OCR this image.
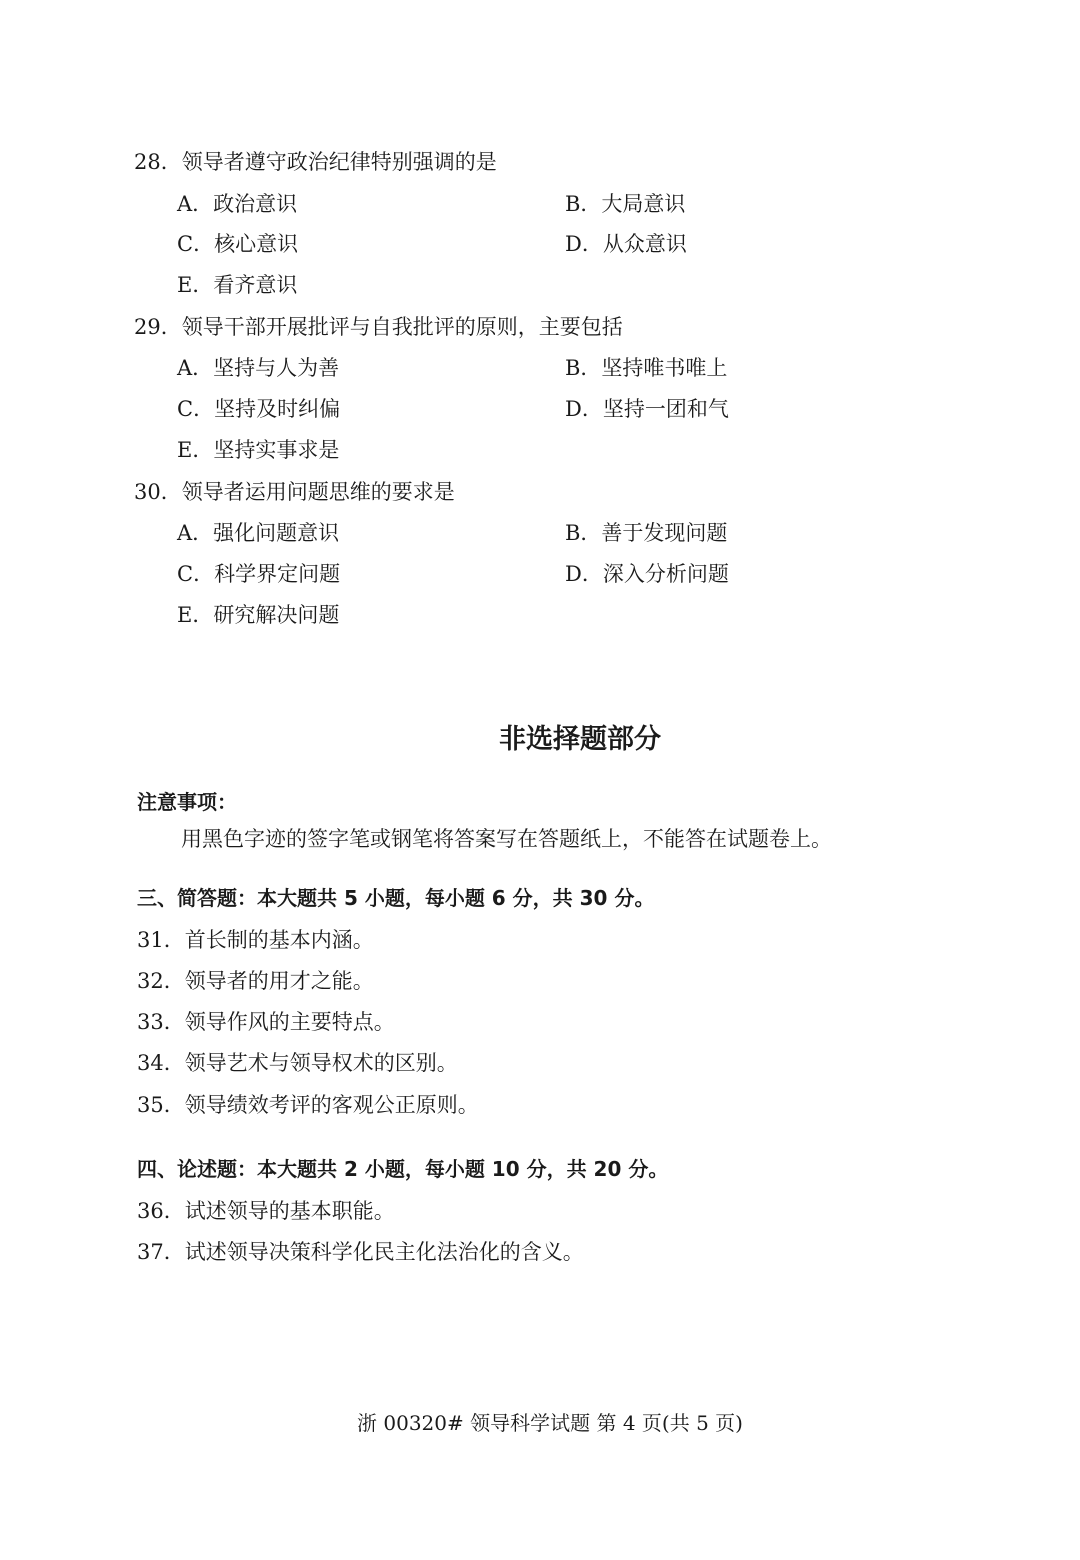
28．领导者遵守政治纪律特别强调的是
A．政治意识	B．大局意识
C．核心意识	D．从众意识
E．看齐意识
29．领导干部开展批评与自我批评的原则，主要包括
A．坚持与人为善	B．坚持唯书唯上
C．坚持及时纠偏	D．坚持一团和气
E．坚持实事求是
30．领导者运用问题思维的要求是
A．强化问题意识	B．善于发现问题
C．科学界定问题	D．深入分析问题
E．研究解决问题
非选择题部分
注意事项：
用黑色字迹的签字笔或钢笔将答案写在答题纸上，不能答在试题卷上。
三、简答题：本大题共 5 小题，每小题 6 分，共 30 分。
31．首长制的基本内涵。
32．领导者的用才之能。
33．领导作风的主要特点。
34．领导艺术与领导权术的区别。
35．领导绩效考评的客观公正原则。
四、论述题：本大题共 2 小题，每小题 10 分，共 20 分。
36．试述领导的基本职能。
37．试述领导决策科学化民主化法治化的含义。
浙 00320# 领导科学试题 第 4 页(共 5 页)
